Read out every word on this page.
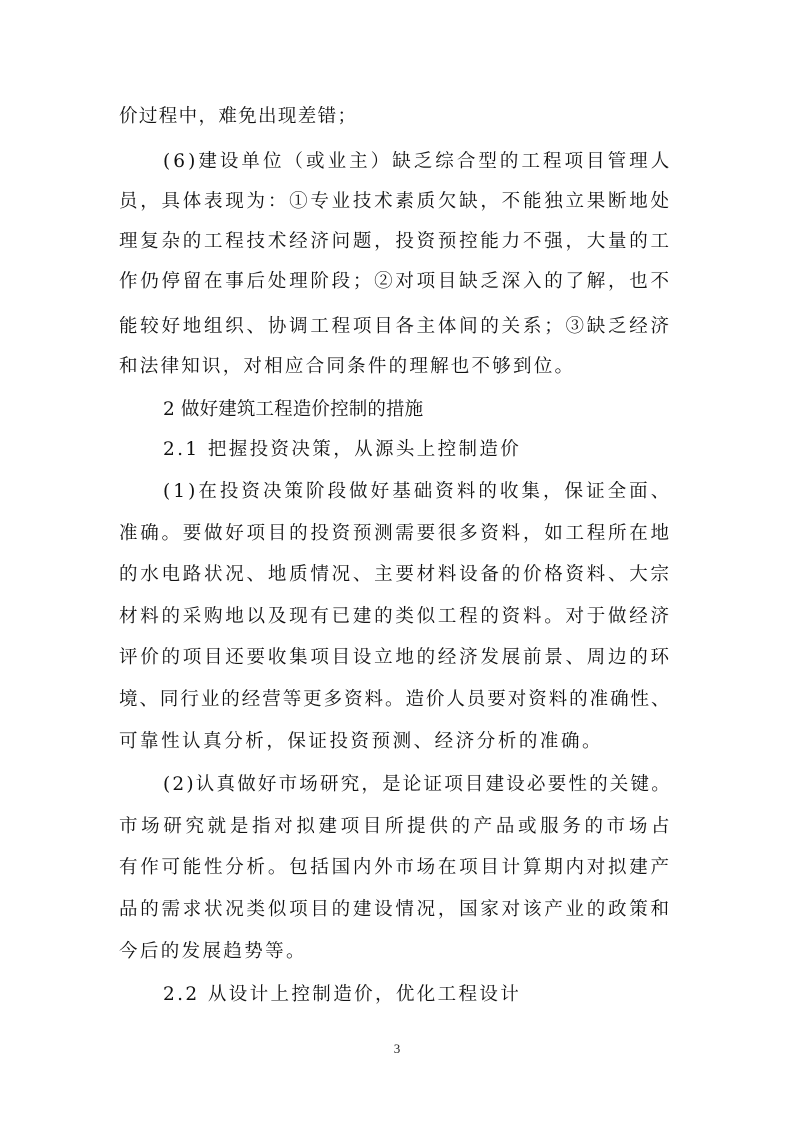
价过程中，难免出现差错；
(6)建设单位（或业主）缺乏综合型的工程项目管理人
员，具体表现为：①专业技术素质欠缺，不能独立果断地处
理复杂的工程技术经济问题，投资预控能力不强，大量的工
作仍停留在事后处理阶段；②对项目缺乏深入的了解，也不
能较好地组织、协调工程项目各主体间的关系；③缺乏经济
和法律知识，对相应合同条件的理解也不够到位。
2 做好建筑工程造价控制的措施
2.1 把握投资决策，从源头上控制造价
(1)在投资决策阶段做好基础资料的收集，保证全面、
准确。要做好项目的投资预测需要很多资料，如工程所在地
的水电路状况、地质情况、主要材料设备的价格资料、大宗
材料的采购地以及现有已建的类似工程的资料。对于做经济
评价的项目还要收集项目设立地的经济发展前景、周边的环
境、同行业的经营等更多资料。造价人员要对资料的准确性、
可靠性认真分析，保证投资预测、经济分析的准确。
(2)认真做好市场研究，是论证项目建设必要性的关键。
市场研究就是指对拟建项目所提供的产品或服务的市场占
有作可能性分析。包括国内外市场在项目计算期内对拟建产
品的需求状况类似项目的建设情况，国家对该产业的政策和
今后的发展趋势等。
2.2 从设计上控制造价，优化工程设计
3
